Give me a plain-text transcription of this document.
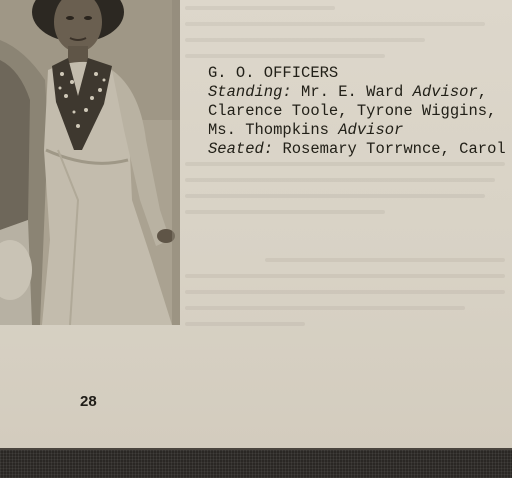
G. O. OFFICERS
Standing: Mr. E. Ward Advisor,
Clarence Toole, Tyrone Wiggins,
Ms. Thompkins Advisor
Seated: Rosemary Torrwnce, Carol

28
